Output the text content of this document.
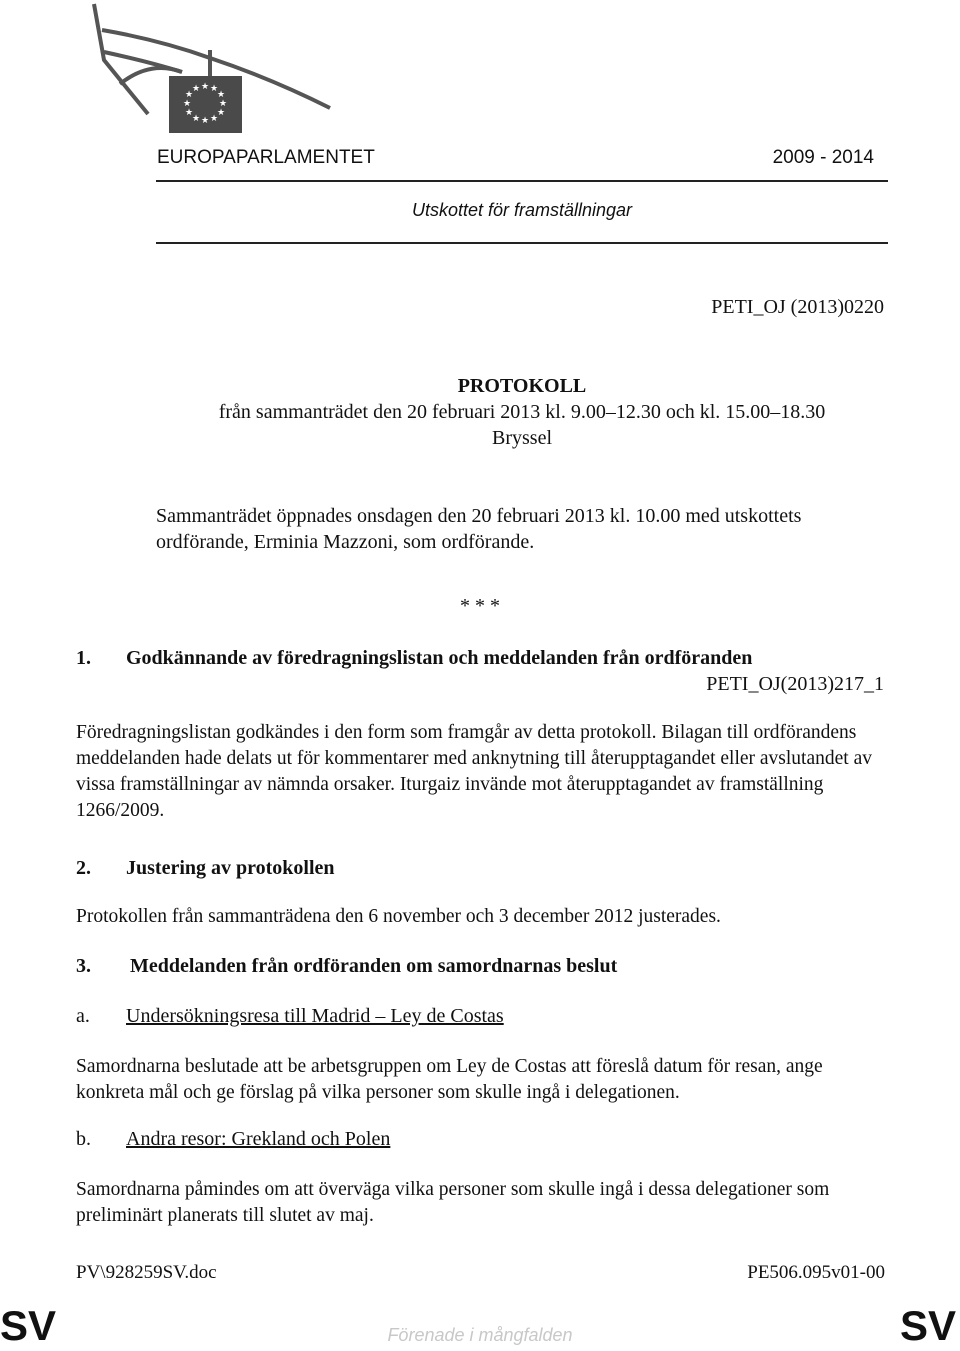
★ ★
★
★
★
★
★
★
★
★
★
★
EUROPAPARLAMENTET	2009 - 2014
Utskottet för framställningar
PETI_OJ (2013)0220
PROTOKOLL
från sammanträdet den 20 februari 2013 kl. 9.00–12.30 och kl. 15.00–18.30
Bryssel
Sammanträdet öppnades onsdagen den 20 februari 2013 kl. 10.00 med utskottets ordförande, Erminia Mazzoni, som ordförande.
* * *
1. Godkännande av föredragningslistan och meddelanden från ordföranden
PETI_OJ(2013)217_1
Föredragningslistan godkändes i den form som framgår av detta protokoll. Bilagan till ordförandens meddelanden hade delats ut för kommentarer med anknytning till återupptagandet eller avslutandet av vissa framställningar av nämnda orsaker. Iturgaiz invände mot återupptagandet av framställning 1266/2009.
2. Justering av protokollen
Protokollen från sammanträdena den 6 november och 3 december 2012 justerades.
3. Meddelanden från ordföranden om samordnarnas beslut
a. Undersökningsresa till Madrid – Ley de Costas
Samordnarna beslutade att be arbetsgruppen om Ley de Costas att föreslå datum för resan, ange konkreta mål och ge förslag på vilka personer som skulle ingå i delegationen.
b. Andra resor: Grekland och Polen
Samordnarna påmindes om att överväga vilka personer som skulle ingå i dessa delegationer som preliminärt planerats till slutet av maj.
PV\928259SV.doc	PE506.095v01-00
SV	SV
Förenade i mångfalden
